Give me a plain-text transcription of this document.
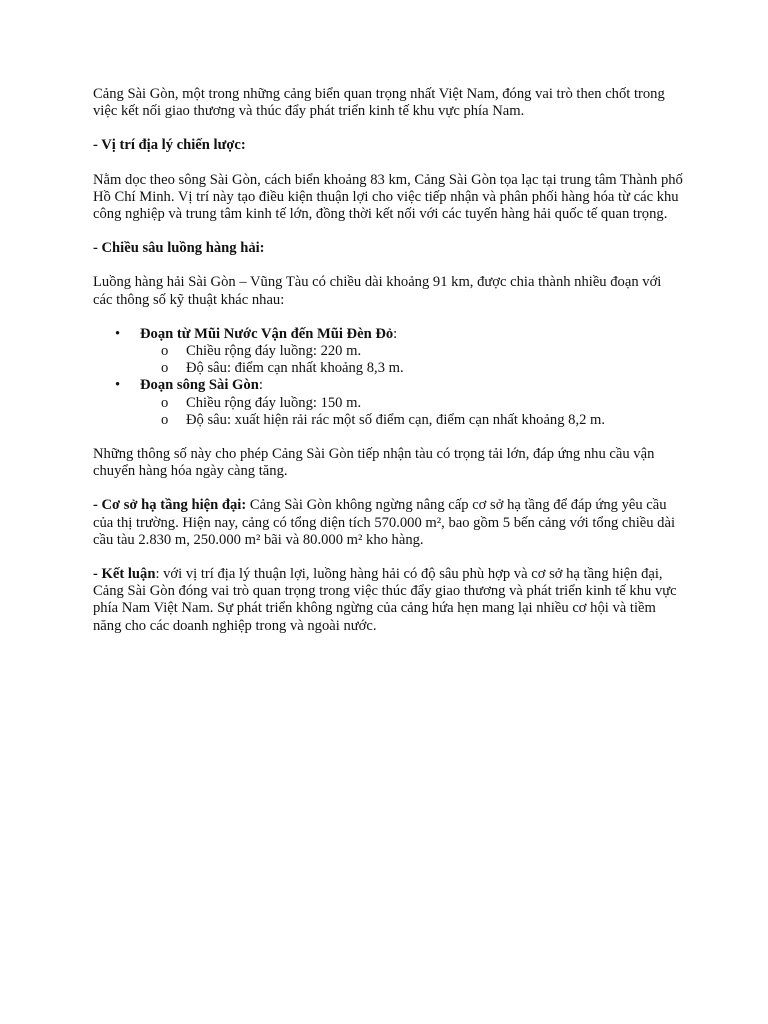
Cảng Sài Gòn, một trong những cảng biển quan trọng nhất Việt Nam, đóng vai trò then chốt trong việc kết nối giao thương và thúc đẩy phát triển kinh tế khu vực phía Nam.

- Vị trí địa lý chiến lược:

Nằm dọc theo sông Sài Gòn, cách biển khoảng 83 km, Cảng Sài Gòn tọa lạc tại trung tâm Thành phố Hồ Chí Minh. Vị trí này tạo điều kiện thuận lợi cho việc tiếp nhận và phân phối hàng hóa từ các khu công nghiệp và trung tâm kinh tế lớn, đồng thời kết nối với các tuyến hàng hải quốc tế quan trọng.

- Chiều sâu luồng hàng hải:

Luồng hàng hải Sài Gòn – Vũng Tàu có chiều dài khoảng 91 km, được chia thành nhiều đoạn với các thông số kỹ thuật khác nhau:

• Đoạn từ Mũi Nước Vận đến Mũi Đèn Đỏ:
o Chiều rộng đáy luồng: 220 m.
o Độ sâu: điểm cạn nhất khoảng 8,3 m.
• Đoạn sông Sài Gòn:
o Chiều rộng đáy luồng: 150 m.
o Độ sâu: xuất hiện rải rác một số điểm cạn, điểm cạn nhất khoảng 8,2 m.

Những thông số này cho phép Cảng Sài Gòn tiếp nhận tàu có trọng tải lớn, đáp ứng nhu cầu vận chuyển hàng hóa ngày càng tăng.

- Cơ sở hạ tầng hiện đại: Cảng Sài Gòn không ngừng nâng cấp cơ sở hạ tầng để đáp ứng yêu cầu của thị trường. Hiện nay, cảng có tổng diện tích 570.000 m², bao gồm 5 bến cảng với tổng chiều dài cầu tàu 2.830 m, 250.000 m² bãi và 80.000 m² kho hàng.

- Kết luận: với vị trí địa lý thuận lợi, luồng hàng hải có độ sâu phù hợp và cơ sở hạ tầng hiện đại, Cảng Sài Gòn đóng vai trò quan trọng trong việc thúc đẩy giao thương và phát triển kinh tế khu vực phía Nam Việt Nam. Sự phát triển không ngừng của cảng hứa hẹn mang lại nhiều cơ hội và tiềm năng cho các doanh nghiệp trong và ngoài nước.
